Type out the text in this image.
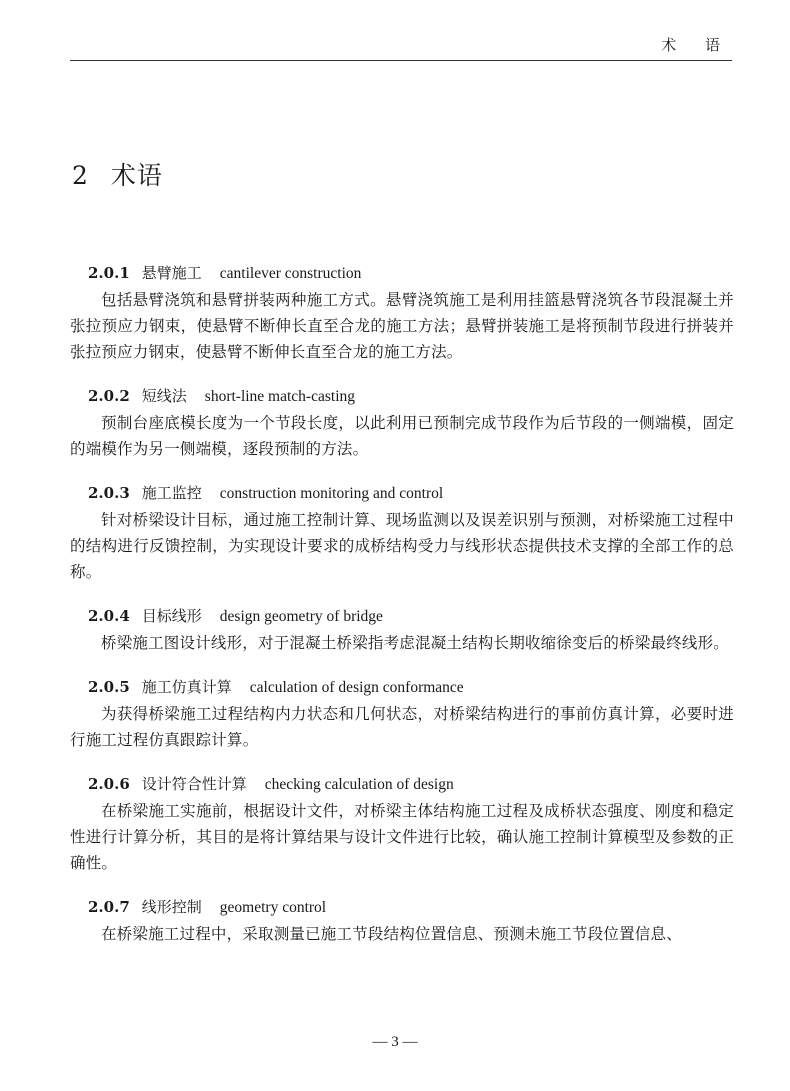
术 语
2 术语
2.0.1 悬臂施工 cantilever construction

包括悬臂浇筑和悬臂拼装两种施工方式。悬臂浇筑施工是利用挂篮悬臂浇筑各节段混凝土并张拉预应力钢束，使悬臂不断伸长直至合龙的施工方法；悬臂拼装施工是将预制节段进行拼装并张拉预应力钢束，使悬臂不断伸长直至合龙的施工方法。

2.0.2 短线法 short-line match-casting

预制台座底模长度为一个节段长度，以此利用已预制完成节段作为后节段的一侧端模，固定的端模作为另一侧端模，逐段预制的方法。

2.0.3 施工监控 construction monitoring and control

针对桥梁设计目标，通过施工控制计算、现场监测以及误差识别与预测，对桥梁施工过程中的结构进行反馈控制，为实现设计要求的成桥结构受力与线形状态提供技术支撑的全部工作的总称。

2.0.4 目标线形 design geometry of bridge

桥梁施工图设计线形，对于混凝土桥梁指考虑混凝土结构长期收缩徐变后的桥梁最终线形。

2.0.5 施工仿真计算 calculation of design conformance

为获得桥梁施工过程结构内力状态和几何状态，对桥梁结构进行的事前仿真计算，必要时进行施工过程仿真跟踪计算。

2.0.6 设计符合性计算 checking calculation of design

在桥梁施工实施前，根据设计文件，对桥梁主体结构施工过程及成桥状态强度、刚度和稳定性进行计算分析，其目的是将计算结果与设计文件进行比较，确认施工控制计算模型及参数的正确性。

2.0.7 线形控制 geometry control

在桥梁施工过程中，采取测量已施工节段结构位置信息、预测未施工节段位置信息、

— 3 —
